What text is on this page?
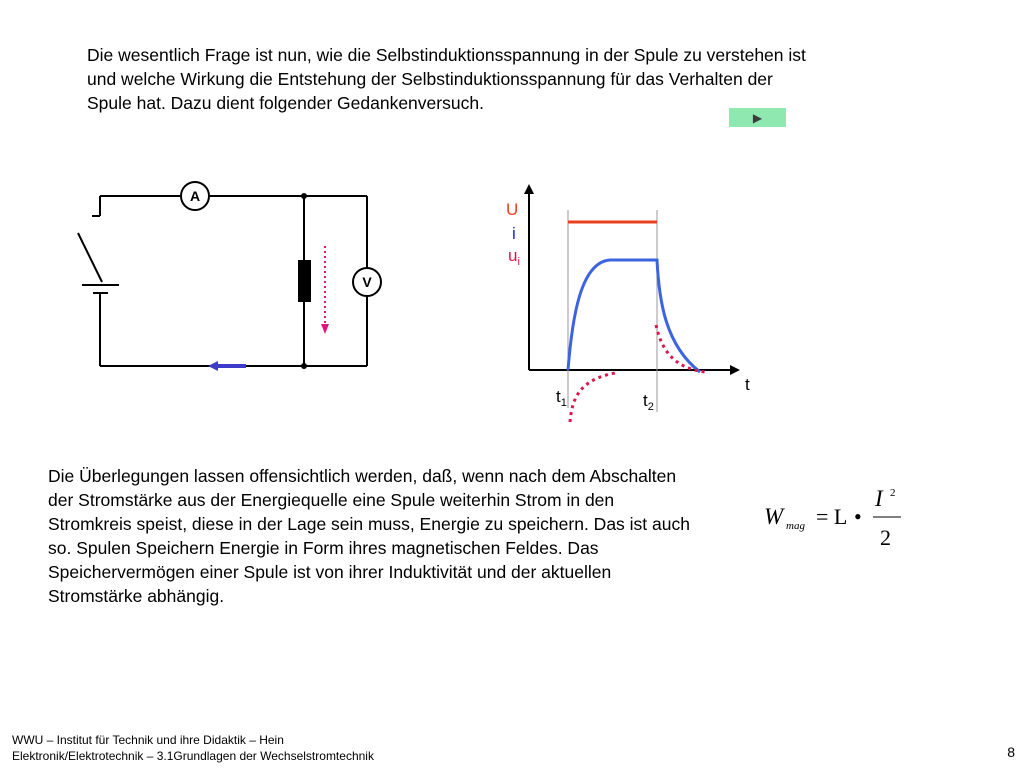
Die wesentlich Frage ist nun, wie die Selbstinduktionsspannung in der Spule zu verstehen ist und welche Wirkung die Entstehung der Selbstinduktionsspannung für das Verhalten der Spule hat. Dazu dient folgender Gedankenversuch.
▶
A
V
U
i
$u_i$
t
$t_1$	$t_2$
Die Überlegungen lassen offensichtlich werden, daß, wenn nach dem Abschalten der Stromstärke aus der Energiequelle eine Spule weiterhin Strom in den Stromkreis speist, diese in der Lage sein muss, Energie zu speichern. Das ist auch so. Spulen Speichern Energie in Form ihres magnetischen Feldes. Das Speichervermögen einer Spule ist von ihrer Induktivität und der aktuellen Stromstärke abhängig.
W mag = L •
I 2
2
WWU – Institut für Technik und ihre Didaktik – Hein
Elektronik/Elektrotechnik – 3.1Grundlagen der Wechselstromtechnik	8
